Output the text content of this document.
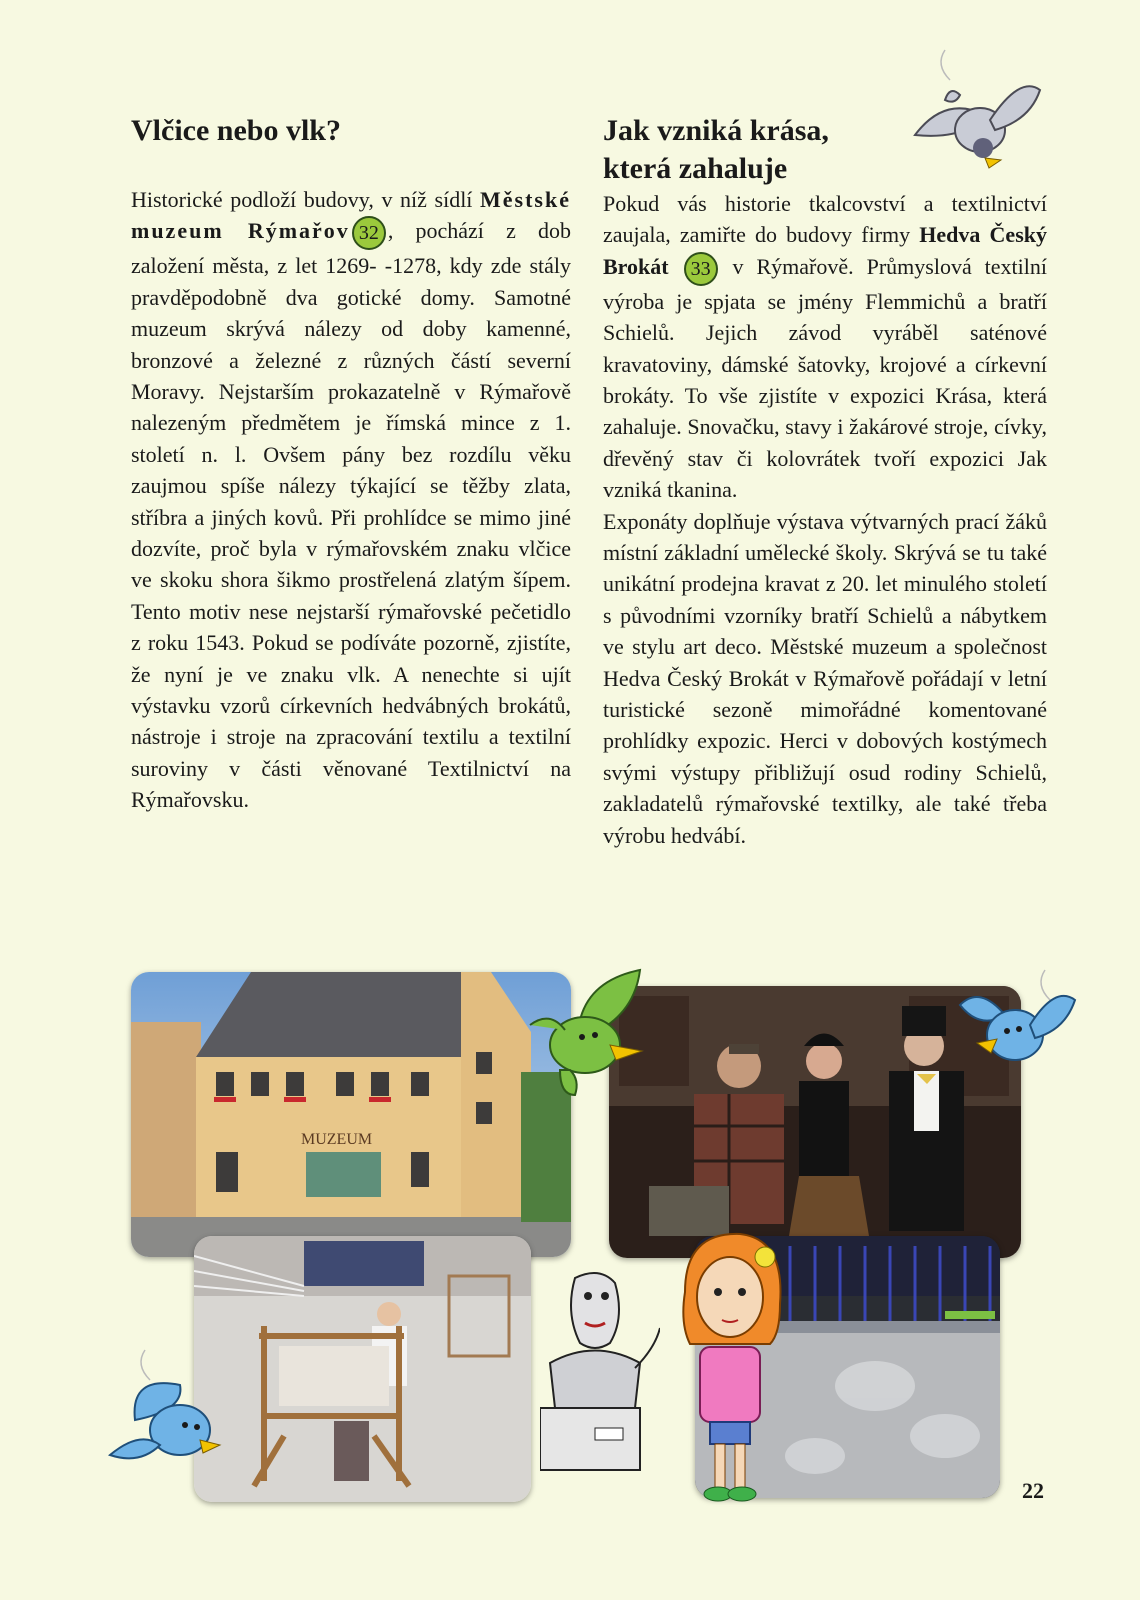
Vlčice nebo vlk?

Historické podloží budovy, v níž sídlí Městské muzeum Rýmařov 32 , pochází z dob založení města, z let 1269- -1278, kdy zde stály pravděpodobně dva gotické domy. Samotné muzeum skrývá nálezy od doby kamenné, bronzové a železné z různých částí severní Moravy. Nejstarším prokazatelně v Rýmařově nalezeným předmětem je římská mince z 1. století n. l. Ovšem pány bez rozdílu věku zaujmou spíše nálezy týkající se těžby zlata, stříbra a jiných kovů. Při prohlídce se mimo jiné dozvíte, proč byla v rýmařovském znaku vlčice ve skoku shora šikmo prostřelená zlatým šípem. Tento motiv nese nejstarší rýmařovské pečetidlo z roku 1543. Pokud se podíváte pozorně, zjistíte, že nyní je ve znaku vlk. A nenechte si ujít výstavku vzorů církevních hedvábných brokátů, nástroje i stroje na zpracování textilu a textilní suroviny v části věnované Textilnictví na Rýmařovsku.

Jak vzniká krása,
která zahaluje

Pokud vás historie tkalcovství a textilnictví zaujala, zamiřte do budovy firmy Hedva Český Brokát 33 v Rýmařově. Průmyslová textilní výroba je spjata se jmény Flemmichů a bratří Schielů. Jejich závod vyráběl saténové kravatoviny, dámské šatovky, krojové a církevní brokáty. To vše zjistíte v expozici Krása, která zahaluje. Snovačku, stavy i žakárové stroje, cívky, dřevěný stav či kolovrátek tvoří expozici Jak vzniká tkanina.

Exponáty doplňuje výstava výtvarných prací žáků místní základní umělecké školy. Skrývá se tu také unikátní prodejna kravat z 20. let minulého století s původními vzorníky bratří Schielů a nábytkem ve stylu art deco. Městské muzeum a společnost Hedva Český Brokát v Rýmařově pořádají v letní turistické sezoně mimořádné komentované prohlídky expozic. Herci v dobových kostýmech svými výstupy přibližují osud rodiny Schielů, zakladatelů rýmařovské textilky, ale také třeba výrobu hedvábí.

MUZEUM
22
